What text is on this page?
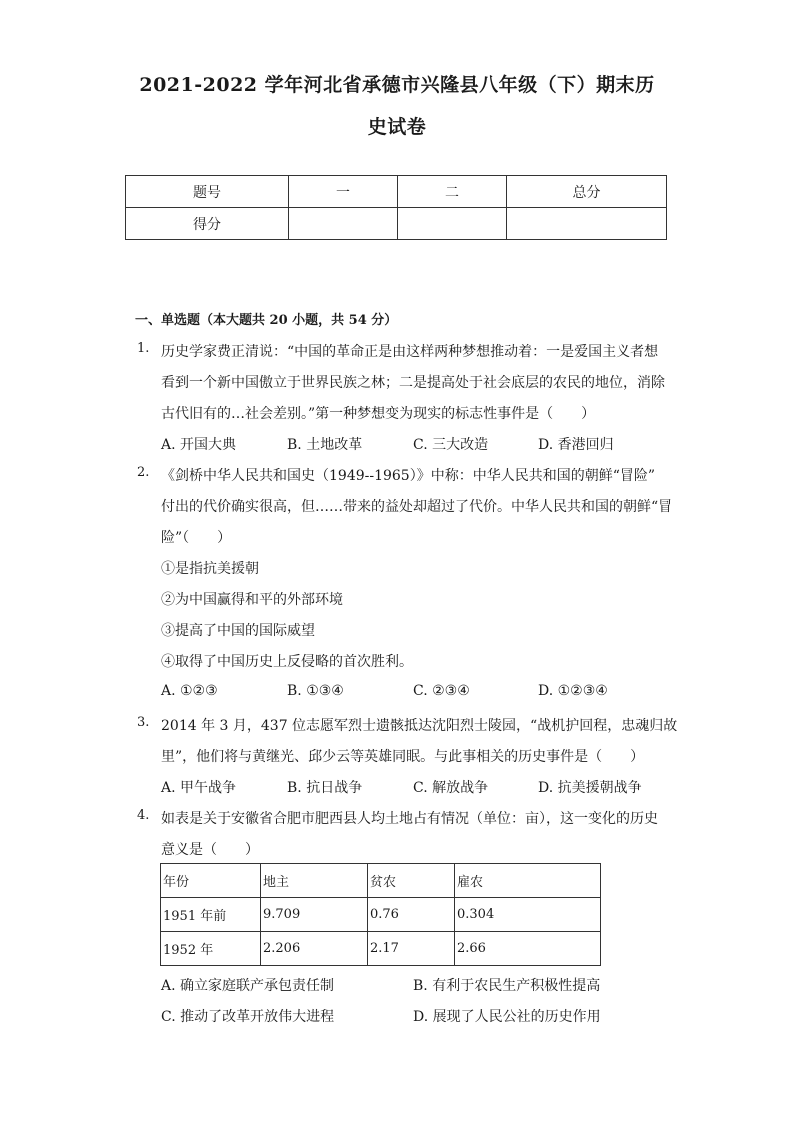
2021-2022 学年河北省承德市兴隆县八年级（下）期末历
史试卷
题号	一	二	总分
得分			
一、单选题（本大题共 20 小题，共 54 分）
1. 历史学家费正清说：“中国的革命正是由这样两种梦想推动着：一是爱国主义者想
看到一个新中国傲立于世界民族之林；二是提高处于社会底层的农民的地位，消除
古代旧有的…社会差别。”第一种梦想变为现实的标志性事件是（　　）
A. 开国大典	B. 土地改革	C. 三大改造	D. 香港回归
2. 《剑桥中华人民共和国史（1949--1965）》中称：中华人民共和国的朝鲜“冒险”
付出的代价确实很高，但……带来的益处却超过了代价。中华人民共和国的朝鲜“冒
险”（　　）
①是指抗美援朝
②为中国赢得和平的外部环境
③提高了中国的国际威望
④取得了中国历史上反侵略的首次胜利。
A. ①②③	B. ①③④	C. ②③④	D. ①②③④
3. 2014 年 3 月，437 位志愿军烈士遗骸抵达沈阳烈士陵园，“战机护回程，忠魂归故
里”，他们将与黄继光、邱少云等英雄同眠。与此事相关的历史事件是（　　）
A. 甲午战争	B. 抗日战争	C. 解放战争	D. 抗美援朝战争
4. 如表是关于安徽省合肥市肥西县人均土地占有情况（单位：亩），这一变化的历史
意义是（　　）
年份	地主	贫农	雇农
1951 年前	9.709	0.76	0.304
1952 年	2.206	2.17	2.66
A. 确立家庭联产承包责任制	B. 有利于农民生产积极性提高
C. 推动了改革开放伟大进程	D. 展现了人民公社的历史作用
